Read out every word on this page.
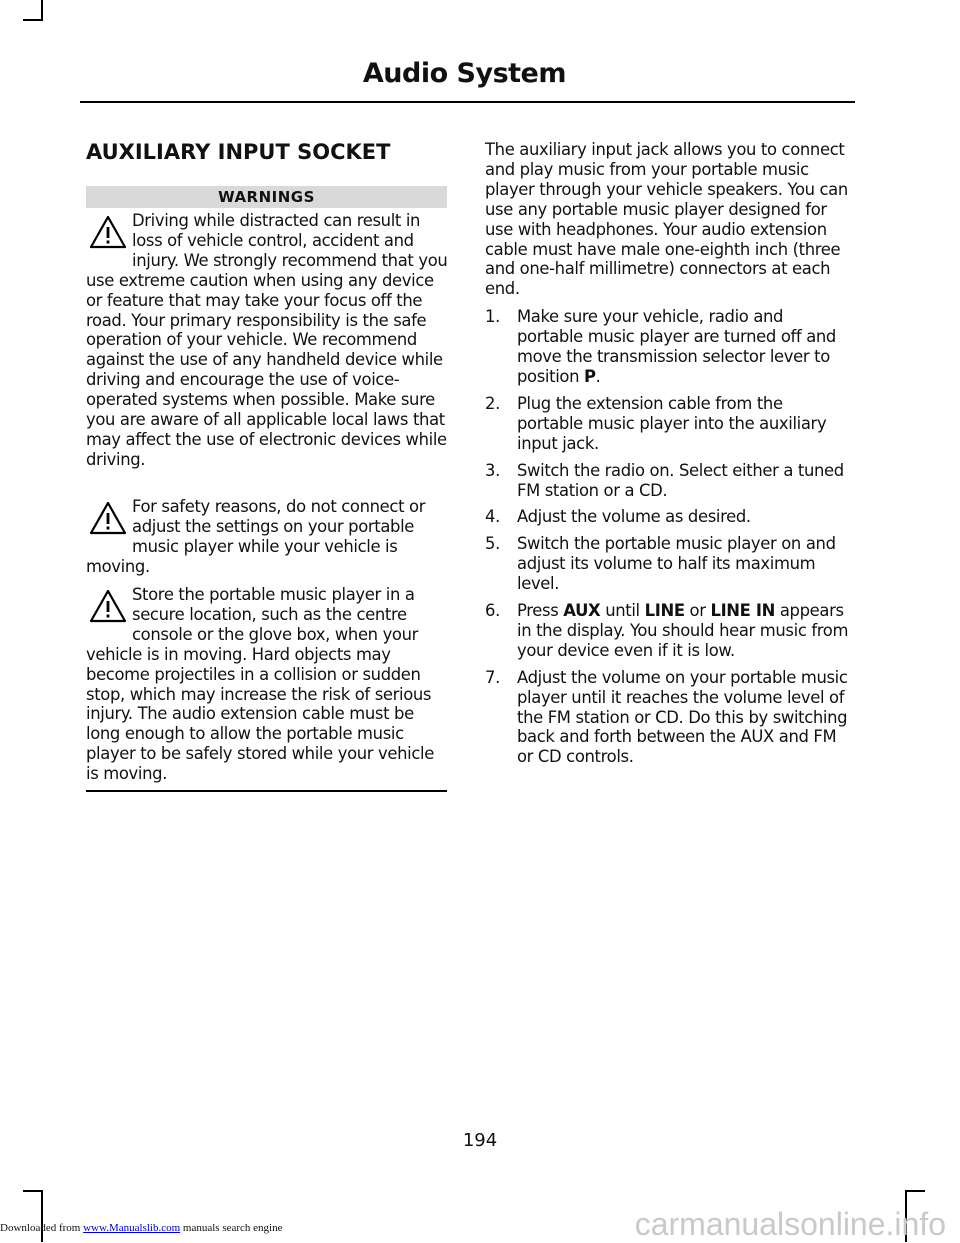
Audio System
AUXILIARY INPUT SOCKET
WARNINGS

Driving while distracted can result in loss of vehicle control, accident and injury. We strongly recommend that you use extreme caution when using any device or feature that may take your focus off the road. Your primary responsibility is the safe operation of your vehicle. We recommend against the use of any handheld device while driving and encourage the use of voice-operated systems when possible. Make sure you are aware of all applicable local laws that may affect the use of electronic devices while driving.

For safety reasons, do not connect or adjust the settings on your portable music player while your vehicle is moving.

Store the portable music player in a secure location, such as the centre console or the glove box, when your vehicle is in moving. Hard objects may become projectiles in a collision or sudden stop, which may increase the risk of serious injury. The audio extension cable must be long enough to allow the portable music player to be safely stored while your vehicle is moving.

The auxiliary input jack allows you to connect and play music from your portable music player through your vehicle speakers. You can use any portable music player designed for use with headphones. Your audio extension cable must have male one-eighth inch (three and one-half millimetre) connectors at each end.

1. Make sure your vehicle, radio and portable music player are turned off and move the transmission selector lever to position P.
2. Plug the extension cable from the portable music player into the auxiliary input jack.
3. Switch the radio on. Select either a tuned FM station or a CD.
4. Adjust the volume as desired.
5. Switch the portable music player on and adjust its volume to half its maximum level.
6. Press AUX until LINE or LINE IN appears in the display. You should hear music from your device even if it is low.
7. Adjust the volume on your portable music player until it reaches the volume level of the FM station or CD. Do this by switching back and forth between the AUX and FM or CD controls.
194
Downloaded from www.Manualslib.com manuals search engine	carmanualsonline.info
